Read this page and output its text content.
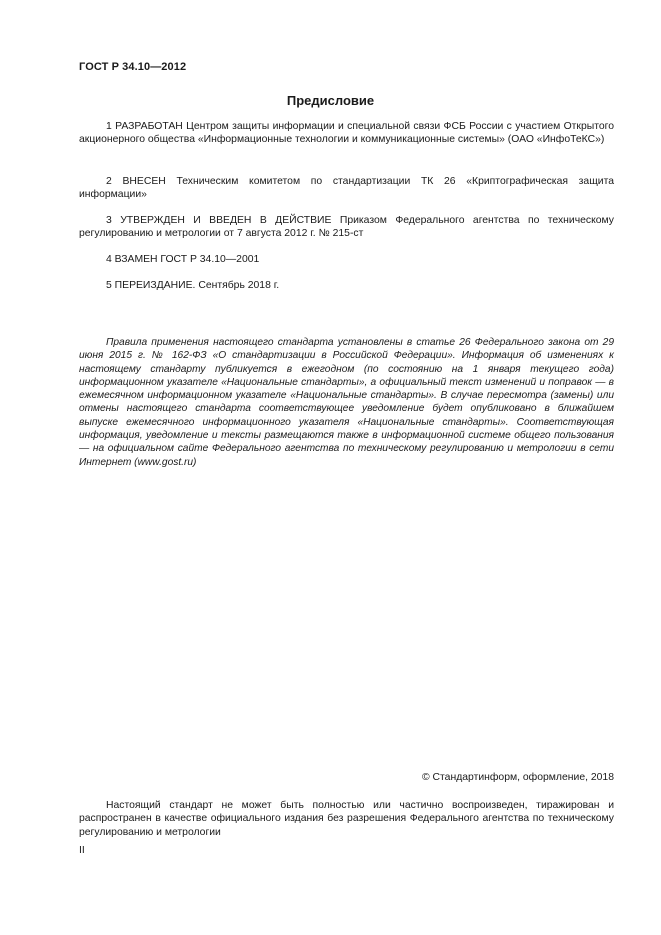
ГОСТ Р 34.10—2012
Предисловие

1 РАЗРАБОТАН Центром защиты информации и специальной связи ФСБ России с участием Открытого акционерного общества «Информационные технологии и коммуникационные системы» (ОАО «ИнфоТеКС»)

2 ВНЕСЕН Техническим комитетом по стандартизации ТК 26 «Криптографическая защита информации»

3 УТВЕРЖДЕН И ВВЕДЕН В ДЕЙСТВИЕ Приказом Федерального агентства по техническому регулированию и метрологии от 7 августа 2012 г. № 215-ст

4 ВЗАМЕН ГОСТ Р 34.10—2001

5 ПЕРЕИЗДАНИЕ. Сентябрь 2018 г.

Правила применения настоящего стандарта установлены в статье 26 Федерального закона от 29 июня 2015 г. № 162-ФЗ «О стандартизации в Российской Федерации». Информация об изменениях к настоящему стандарту публикуется в ежегодном (по состоянию на 1 января текущего года) информационном указателе «Национальные стандарты», а официальный текст изменений и поправок — в ежемесячном информационном указателе «Национальные стандарты». В случае пересмотра (замены) или отмены настоящего стандарта соответствующее уведомление будет опубликовано в ближайшем выпуске ежемесячного информационного указателя «Национальные стандарты». Соответствующая информация, уведомление и тексты размещаются также в информационной системе общего пользования — на официальном сайте Федерального агентства по техническому регулированию и метрологии в сети Интернет (www.gost.ru)

© Стандартинформ, оформление, 2018

Настоящий стандарт не может быть полностью или частично воспроизведен, тиражирован и распространен в качестве официального издания без разрешения Федерального агентства по техническому регулированию и метрологии

II
